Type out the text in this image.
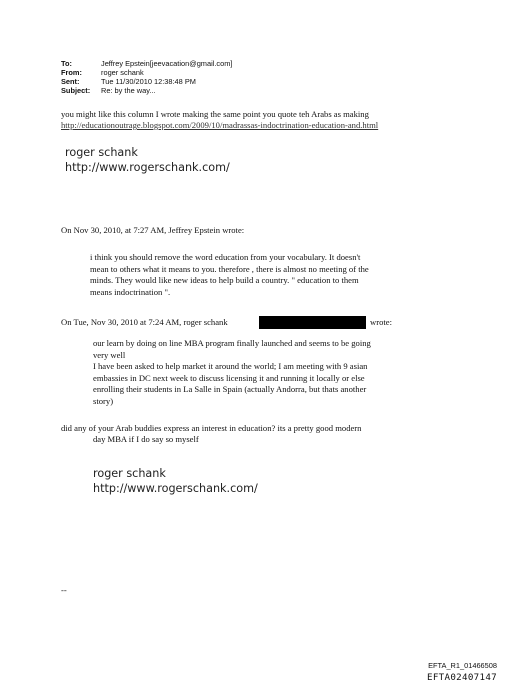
To:	Jeffrey Epstein[jeevacation@gmail.com]
From:	roger schank
Sent:	Tue 11/30/2010 12:38:48 PM
Subject: Re: by the way...
you might like this column I wrote making the same point you quote teh Arabs as making
http://educationoutrage.blogspot.com/2009/10/madrassas-indoctrination-education-and.html
roger schank
http://www.rogerschank.com/
On Nov 30, 2010, at 7:27 AM, Jeffrey Epstein wrote:
i think you should remove the word education from your vocabulary. It doesn't
mean to others what it means to you. therefore , there is almost no meeting of the
minds. They would like new ideas to help build a country. " education to them
means indoctrination ".
On Tue, Nov 30, 2010 at 7:24 AM, roger schank	wrote:
our learn by doing on line MBA program finally launched and seems to be going
very well
I have been asked to help market it around the world; I am meeting with 9 asian
embassies in DC next week to discuss licensing it and running it locally or else
enrolling their students in La Salle in Spain (actually Andorra, but thats another
story)
did any of your Arab buddies express an interest in education? its a pretty good modern
day MBA if I do say so myself
roger schank
http://www.rogerschank.com/
--
EFTA_R1_01466508
EFTA02407147
